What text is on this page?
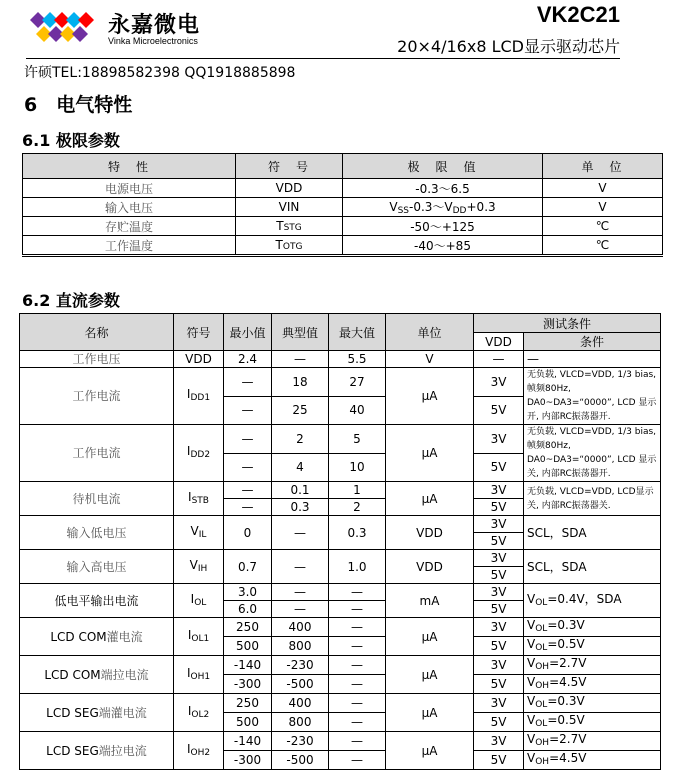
永嘉微电
Vinka Microelectronics
VK2C21
20×4/16x8 LCD显示驱动芯片
许硕TEL:18898582398 QQ1918885898
6　电气特性
6.1 极限参数
特　性	符　号	极　限　值	单　位
电源电压	VDD	-0.3～6.5	V
输入电压	VIN	$V_{SS}-0.3\sim V_{DD}+0.3$	V
存贮温度	TSTG	-50～+125	℃
工作温度	TOTG	-40～+85	℃
6.2 直流参数
名称	符号	最小值	典型值	最大值	单位	测试条件	
						VDD	条件
工作电压	VDD	2.4	—	5.5	V	—	—
工作电流	$I_{DD1}$	—	18	27	μA	3V	无负载, VLCD=VDD, 1/3 bias, 帧频80Hz, DA0~DA3=“0000”, LCD 显示开, 内部RC振荡器开.
		—	25	40		5V	
工作电流	$I_{DD2}$	—	2	5	μA	3V	无负载, VLCD=VDD, 1/3 bias, 帧频80Hz, DA0~DA3=“0000”, LCD 显示关, 内部RC振荡器开.
		—	4	10		5V	
待机电流	$I_{STB}$	—	0.1	1	μA	3V	无负载, VLCD=VDD, LCD显示关, 内部RC振荡器关.
		—	0.3	2		5V	
输入低电压	$V_{IL}$	0	—	0.3	VDD	3V	SCL，SDA
						5V	
输入高电压	$V_{IH}$	0.7	—	1.0	VDD	3V	SCL，SDA
						5V	
低电平输出电流	$I_{OL}$	3.0	—	—	mA	3V	$V_{OL}=0.4V$，SDA
		6.0	—	—		5V	
LCD COM灌电流	$I_{OL1}$	250	400	—	μA	3V	$V_{OL}=0.3V$
		500	800	—		5V	$V_{OL}=0.5V$
LCD COM端拉电流	$I_{OH1}$	-140	-230	—	μA	3V	$V_{OH}=2.7V$
		-300	-500	—		5V	$V_{OH}=4.5V$
LCD SEG端灌电流	$I_{OL2}$	250	400	—	μA	3V	$V_{OL}=0.3V$
		500	800	—		5V	$V_{OL}=0.5V$
LCD SEG端拉电流	$I_{OH2}$	-140	-230	—	μA	3V	$V_{OH}=2.7V$
		-300	-500	—		5V	$V_{OH}=4.5V$
